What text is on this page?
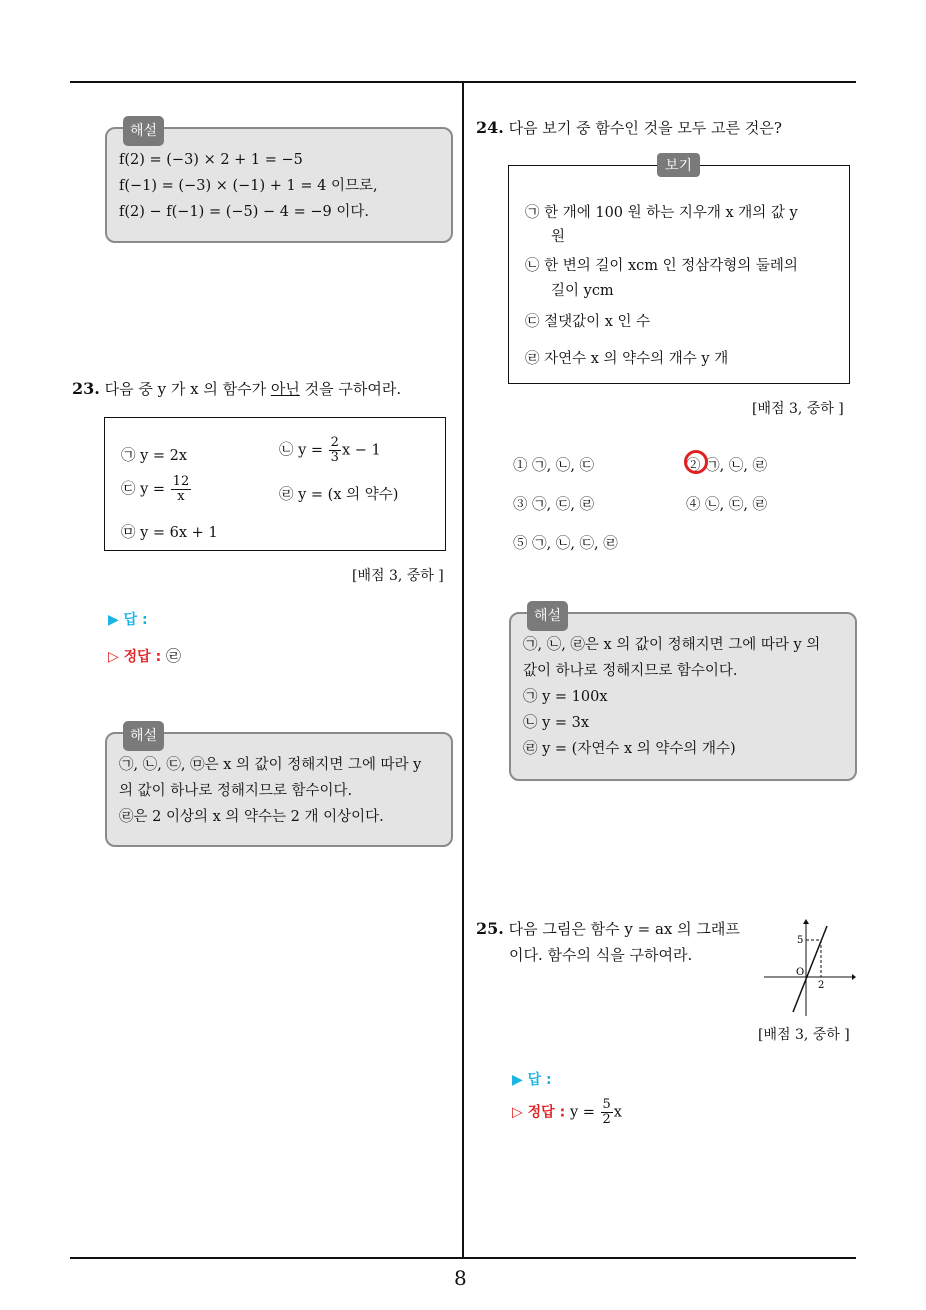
해설
f(2) = (−3) × 2 + 1 = −5
f(−1) = (−3) × (−1) + 1 = 4 이므로,
f(2) − f(−1) = (−5) − 4 = −9 이다.
23. 다음 중 y 가 x 의 함수가 아닌 것을 구하여라.
㉠ y = 2x	㉡ $y = \frac{2}{3}$ x − 1
㉢ $y = \frac{12}{x}$	㉣ y = (x 의 약수)
㉤ y = 6x + 1
[배점 3, 중하 ]
▶ 답 :
▷ 정답 : ㉣
해설
㉠, ㉡, ㉢, ㉤은 x 의 값이 정해지면 그에 따라 y
의 값이 하나로 정해지므로 함수이다.
㉣은 2 이상의 x 의 약수는 2 개 이상이다.
24. 다음 보기 중 함수인 것을 모두 고른 것은?
보기
㉠ 한 개에 100 원 하는 지우개 x 개의 값 y
원
㉡ 한 변의 길이 xcm 인 정삼각형의 둘레의
길이 ycm
㉢ 절댓값이 x 인 수
㉣ 자연수 x 의 약수의 개수 y 개
[배점 3, 중하 ]
① ㉠, ㉡, ㉢	② ㉠, ㉡, ㉣
③ ㉠, ㉢, ㉣	④ ㉡, ㉢, ㉣
⑤ ㉠, ㉡, ㉢, ㉣
해설
㉠, ㉡, ㉣은 x 의 값이 정해지면 그에 따라 y 의
값이 하나로 정해지므로 함수이다.
㉠ y = 100x
㉡ y = 3x
㉣ y = (자연수 x 의 약수의 개수)
25. 다음 그림은 함수 y = ax 의 그래프
이다. 함수의 식을 구하여라.
5
2
O
[배점 3, 중하 ]
▶ 답 :
▷ 정답 : $y = \frac{5}{2}$ x
8
